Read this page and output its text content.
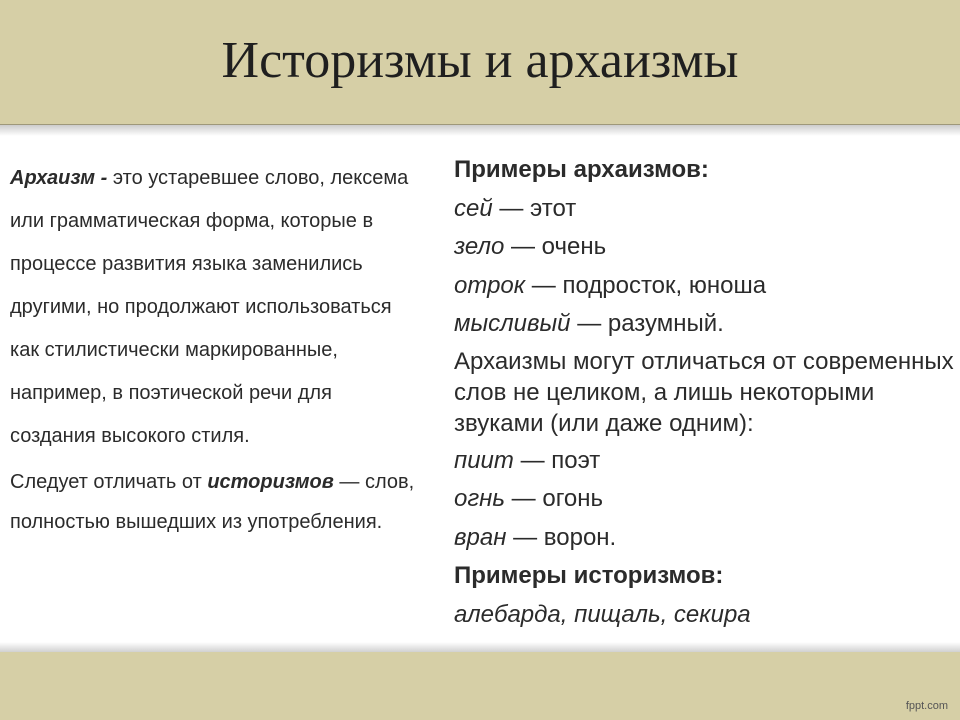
Историзмы и архаизмы

Архаизм - это устаревшее слово, лексема или грамматическая форма, которые в процессе развития языка заменились другими, но продолжают использоваться как стилистически маркированные, например, в поэтической речи для создания высокого стиля.

Следует отличать от историзмов — слов, полностью вышедших из употребления.

Примеры архаизмов:
сей — этот
зело — очень
отрок — подросток, юноша
мысливый — разумный.
Архаизмы могут отличаться от современных слов не целиком, а лишь некоторыми звуками (или даже одним):
пиит — поэт
огнь — огонь
вран — ворон.
Примеры историзмов:
алебарда, пищаль, секира
fppt.com
